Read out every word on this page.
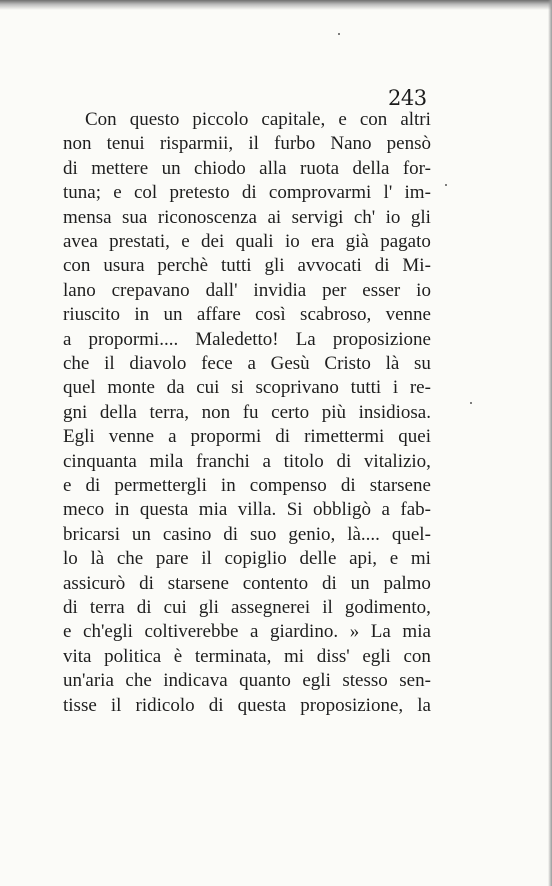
243
Con questo piccolo capitale, e con altri
non tenui risparmii, il furbo Nano pensò
di mettere un chiodo alla ruota della for-
tuna; e col pretesto di comprovarmi l' im-
mensa sua riconoscenza ai servigi ch' io gli
avea prestati, e dei quali io era già pagato
con usura perchè tutti gli avvocati di Mi-
lano crepavano dall' invidia per esser io
riuscito in un affare così scabroso, venne
a propormi.... Maledetto! La proposizione
che il diavolo fece a Gesù Cristo là su
quel monte da cui si scoprivano tutti i re-
gni della terra, non fu certo più insidiosa.
Egli venne a propormi di rimettermi quei
cinquanta mila franchi a titolo di vitalizio,
e di permettergli in compenso di starsene
meco in questa mia villa. Si obbligò a fab-
bricarsi un casino di suo genio, là.... quel-
lo là che pare il copiglio delle api, e mi
assicurò di starsene contento di un palmo
di terra di cui gli assegnerei il godimento,
e ch'egli coltiverebbe a giardino. » La mia
vita politica è terminata, mi diss' egli con
un'aria che indicava quanto egli stesso sen-
tisse il ridicolo di questa proposizione, la
